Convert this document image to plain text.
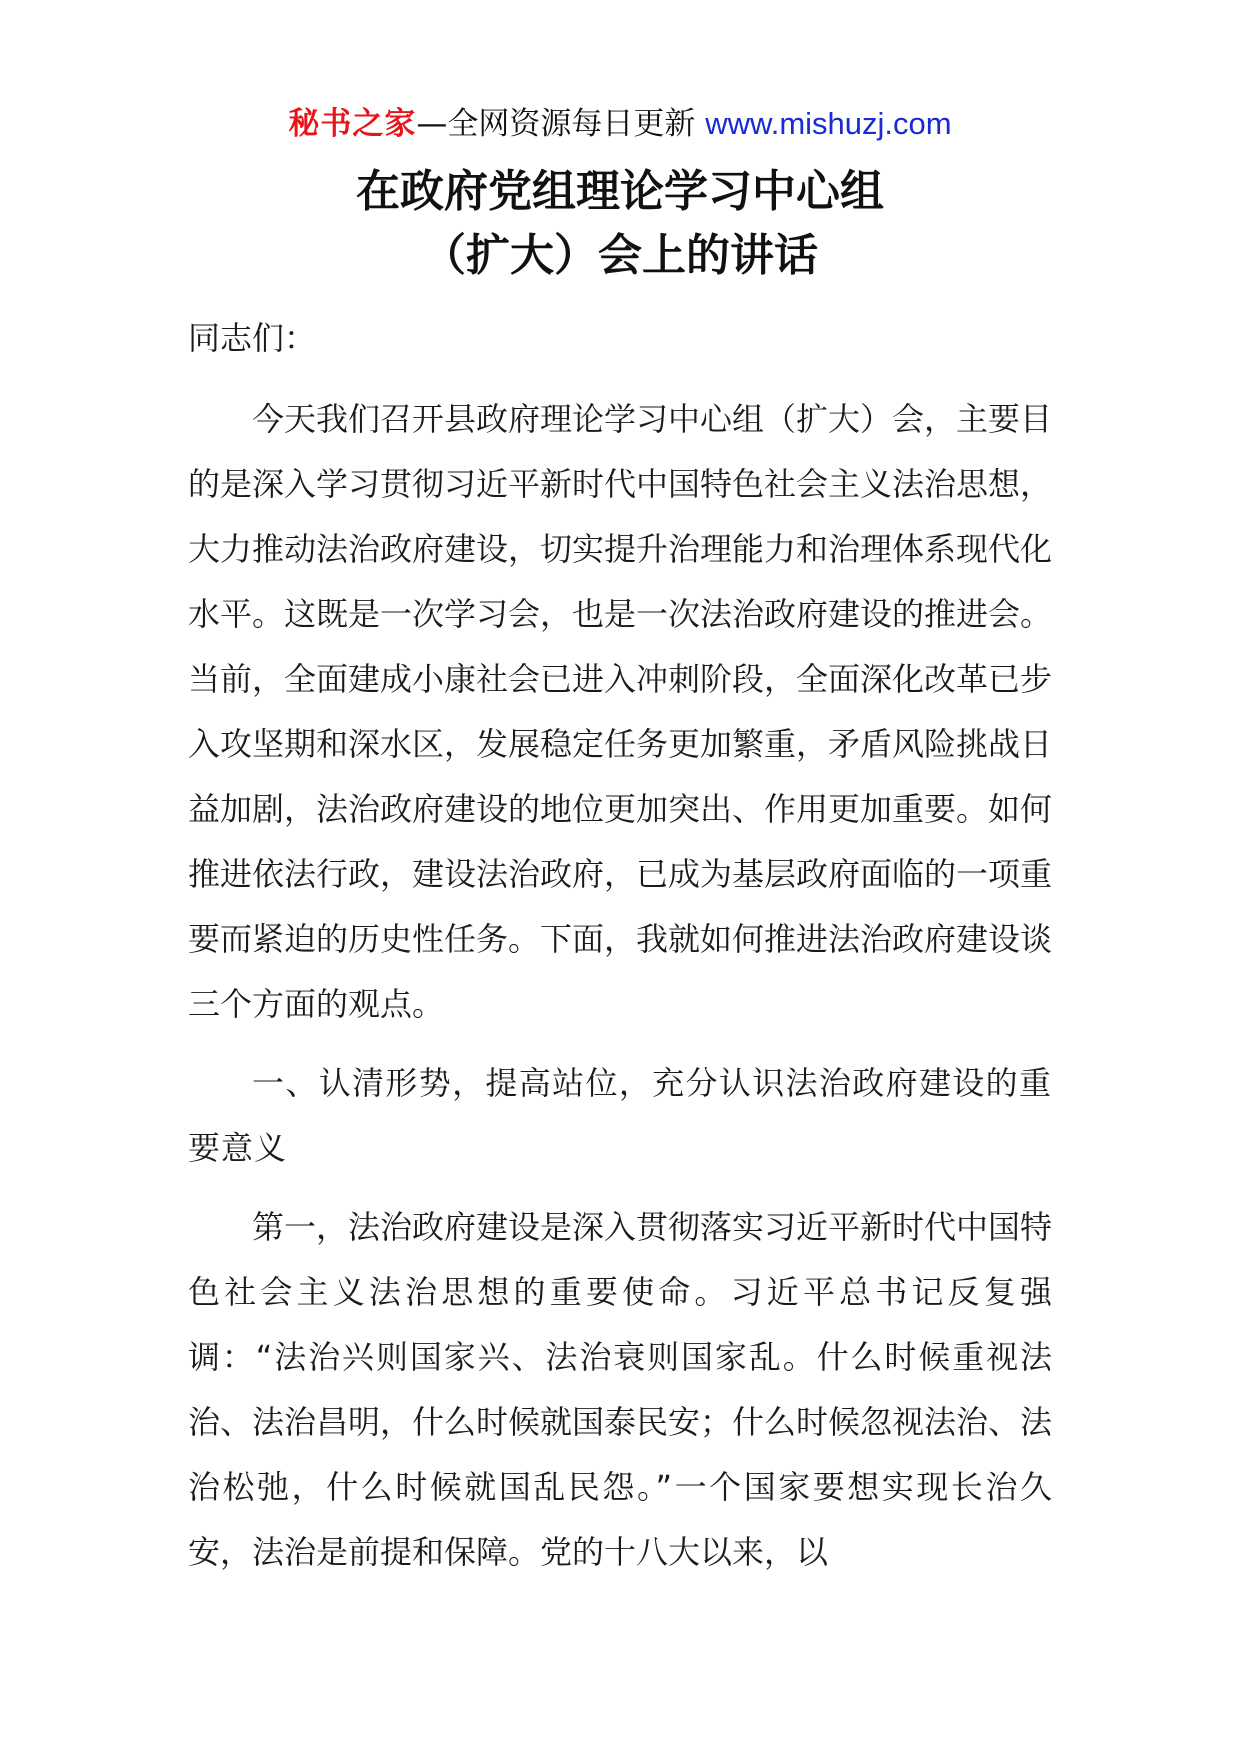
秘书之家—全网资源每日更新 www.mishuzj.com
在政府党组理论学习中心组
（扩大）会上的讲话

同志们：

今天我们召开县政府理论学习中心组（扩大）会，主要目的是深入学习贯彻习近平新时代中国特色社会主义法治思想，大力推动法治政府建设，切实提升治理能力和治理体系现代化水平。这既是一次学习会，也是一次法治政府建设的推进会。当前，全面建成小康社会已进入冲刺阶段，全面深化改革已步入攻坚期和深水区，发展稳定任务更加繁重，矛盾风险挑战日益加剧，法治政府建设的地位更加突出、作用更加重要。如何推进依法行政，建设法治政府，已成为基层政府面临的一项重要而紧迫的历史性任务。下面，我就如何推进法治政府建设谈三个方面的观点。

一、认清形势，提高站位，充分认识法治政府建设的重要意义

第一，法治政府建设是深入贯彻落实习近平新时代中国特色社会主义法治思想的重要使命。习近平总书记反复强调：“法治兴则国家兴、法治衰则国家乱。什么时候重视法治、法治昌明，什么时候就国泰民安；什么时候忽视法治、法治松弛，什么时候就国乱民怨。”一个国家要想实现长治久安，法治是前提和保障。党的十八大以来，以
